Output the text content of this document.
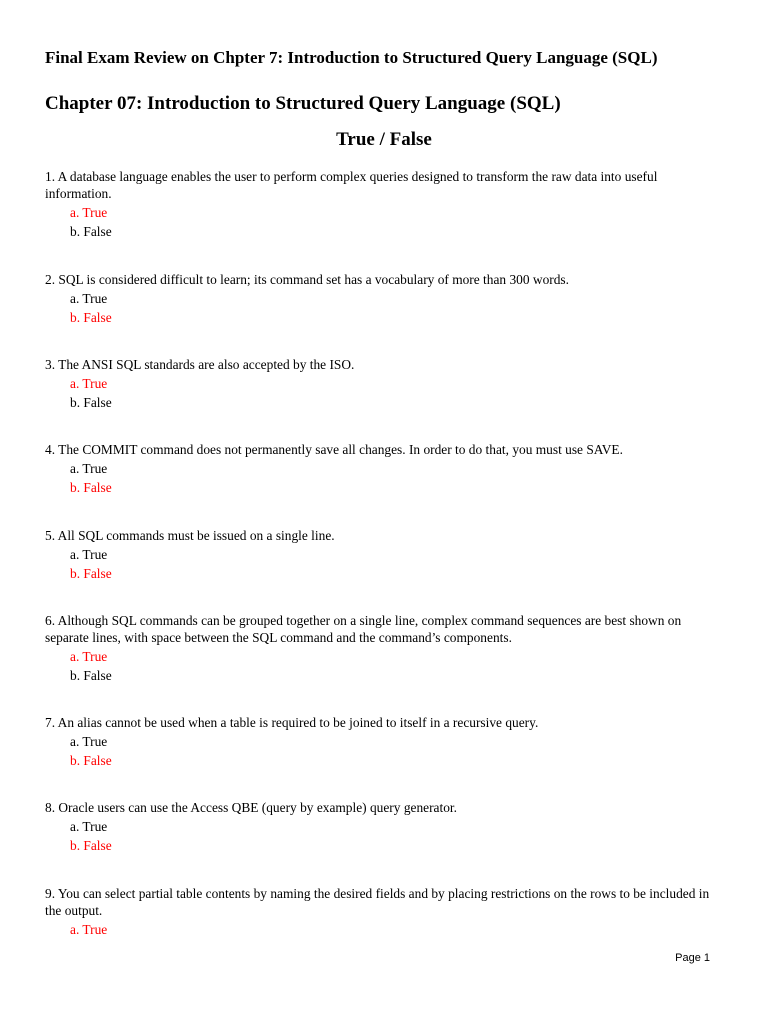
Final Exam Review on Chpter 7: Introduction to Structured Query Language (SQL)
Chapter 07: Introduction to Structured Query Language (SQL)
True / False

1. A database language enables the user to perform complex queries designed to transform the raw data into useful information.

a. True
b. False

2. SQL is considered difficult to learn; its command set has a vocabulary of more than 300 words.

a. True
b. False

3. The ANSI SQL standards are also accepted by the ISO.

a. True
b. False

4. The COMMIT command does not permanently save all changes. In order to do that, you must use SAVE.

a. True
b. False

5. All SQL commands must be issued on a single line.

a. True
b. False

6. Although SQL commands can be grouped together on a single line, complex command sequences are best shown on separate lines, with space between the SQL command and the command’s components.

a. True
b. False

7. An alias cannot be used when a table is required to be joined to itself in a recursive query.

a. True
b. False

8. Oracle users can use the Access QBE (query by example) query generator.

a. True
b. False

9. You can select partial table contents by naming the desired fields and by placing restrictions on the rows to be included in the output.

a. True
Page 1
